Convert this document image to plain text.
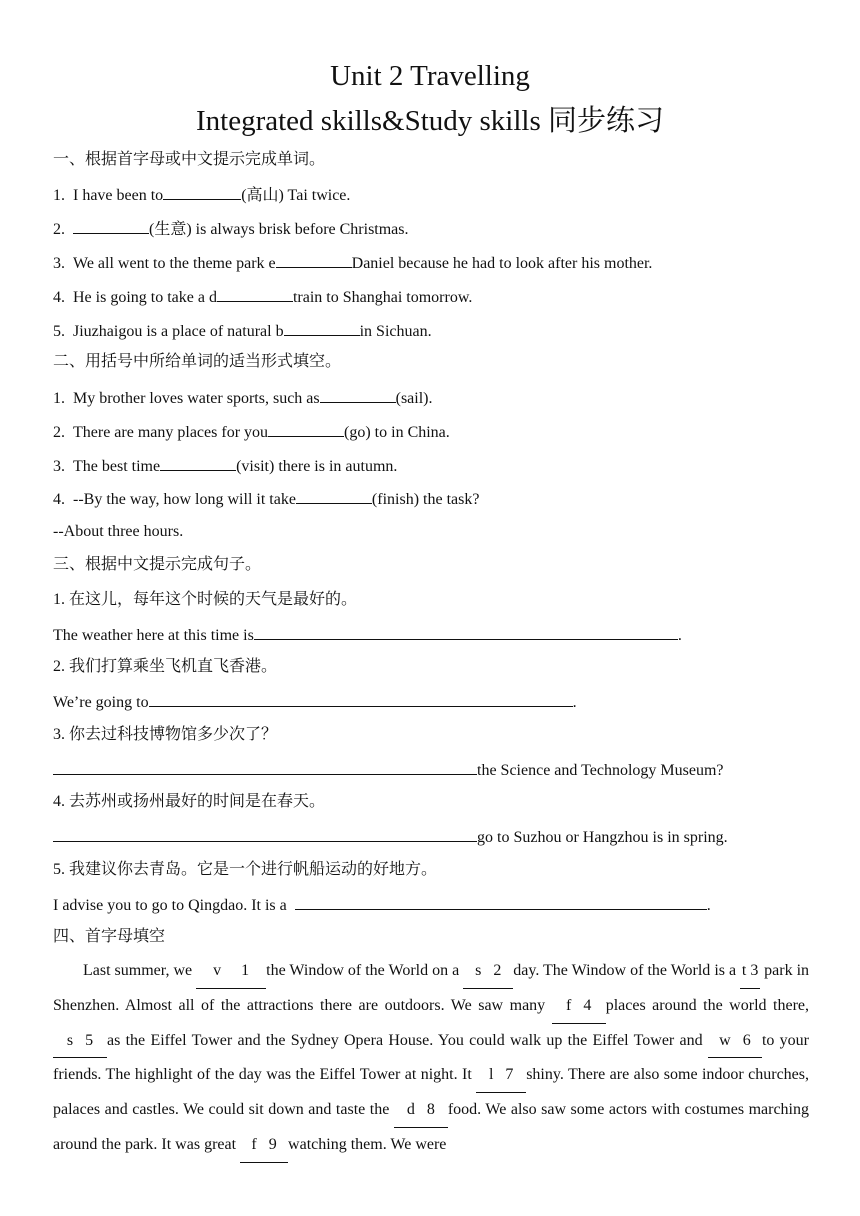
Unit 2 Travelling
Integrated skills&Study skills 同步练习
一、根据首字母或中文提示完成单词。
1. I have been to	(高山) Tai twice.
2.	(生意) is always brisk before Christmas.
3. We all went to the theme park e	Daniel because he had to look after his mother.
4. He is going to take a d	train to Shanghai tomorrow.
5. Jiuzhaigou is a place of natural b	in Sichuan.
二、用括号中所给单词的适当形式填空。
1. My brother loves water sports, such as	(sail).
2. There are many places for you	(go) to in China.
3. The best time	(visit) there is in autumn.
4. --By the way, how long will it take	(finish) the task?
--About three hours.
三、根据中文提示完成句子。
1. 在这儿，每年这个时候的天气是最好的。
The weather here at this time is	.
2. 我们打算乘坐飞机直飞香港。
We’re going to	.
3. 你去过科技博物馆多少次了？
the Science and Technology Museum?
4. 去苏州或扬州最好的时间是在春天。
go to Suzhou or Hangzhou is in spring.
5. 我建议你去青岛。它是一个进行帆船运动的好地方。
I advise you to go to Qingdao. It is a	.
四、首字母填空
Last summer, we v 1 the Window of the World on a s 2 day. The Window of the World is a t 3 park in Shenzhen. Almost all of the attractions there are outdoors. We saw many f 4 places around the world there, s 5 as the Eiffel Tower and the Sydney Opera House. You could walk up the Eiffel Tower and w 6 to your friends. The highlight of the day was the Eiffel Tower at night. It l 7 shiny. There are also some indoor churches, palaces and castles. We could sit down and taste the d 8 food. We also saw some actors with costumes marching around the park. It was great f 9 watching them. We were
